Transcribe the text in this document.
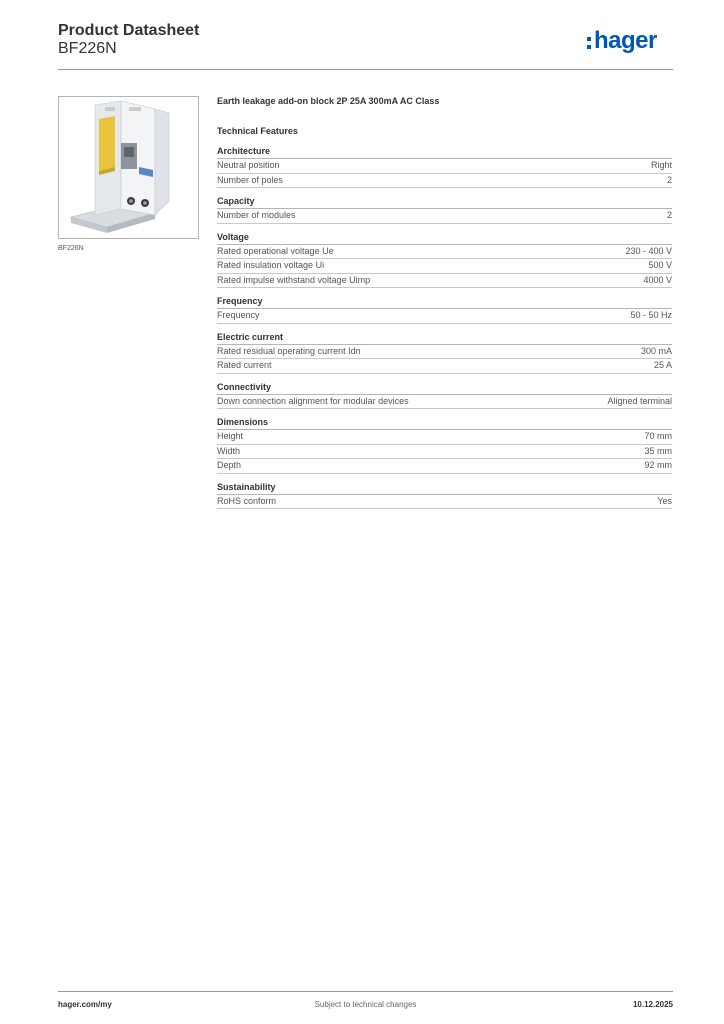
Product Datasheet
BF226N	hager
BF226N
Earth leakage add-on block 2P 25A 300mA AC Class
Technical Features
Architecture
Neutral position	Right
Number of poles	2
Capacity
Number of modules	2
Voltage
Rated operational voltage Ue	230 - 400 V
Rated insulation voltage Ui	500 V
Rated impulse withstand voltage Uimp	4000 V
Frequency
Frequency	50 - 50 Hz
Electric current
Rated residual operating current Idn	300 mA
Rated current	25 A
Connectivity
Down connection alignment for modular devices	Aligned terminal
Dimensions
Height	70 mm
Width	35 mm
Depth	92 mm
Sustainability
RoHS conform	Yes
hager.com/my	Subject to technical changes	10.12.2025
